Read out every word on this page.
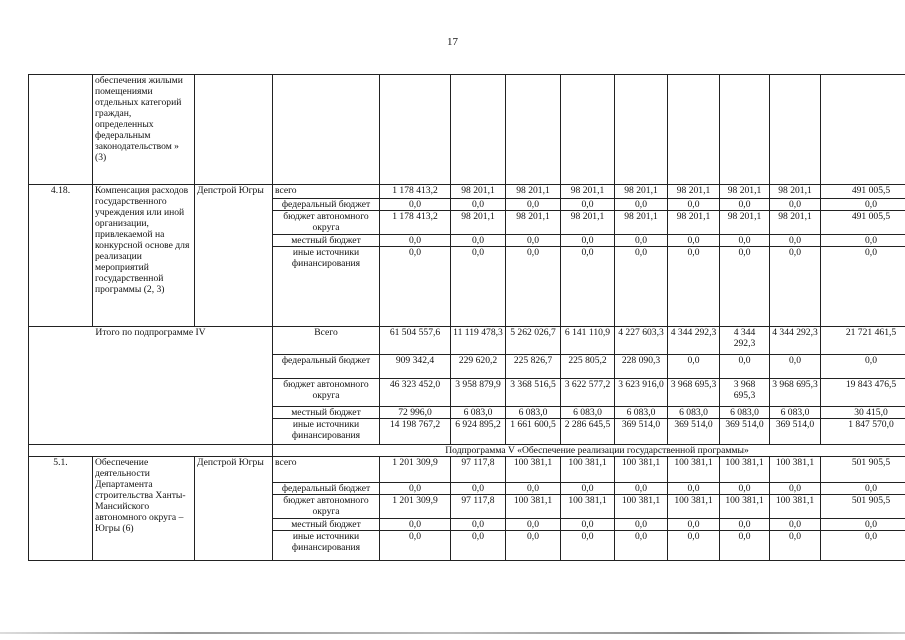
17
	обеспечения жилыми помещениями отдельных категорий граждан, определенных федеральным законодательством » (3)											
4.18.	Компенсация расходов государственного учреждения или иной организации, привлекаемой на конкурсной основе для реализации мероприятий государственной программы (2, 3)	Депстрой Югры	всего	1 178 413,2	98 201,1	98 201,1	98 201,1	98 201,1	98 201,1	98 201,1	98 201,1	491 005,5
			федеральный бюджет	0,0	0,0	0,0	0,0	0,0	0,0	0,0	0,0	0,0
			бюджет автономного округа	1 178 413,2	98 201,1	98 201,1	98 201,1	98 201,1	98 201,1	98 201,1	98 201,1	491 005,5
			местный бюджет	0,0	0,0	0,0	0,0	0,0	0,0	0,0	0,0	0,0
			иные источники финансирования	0,0	0,0	0,0	0,0	0,0	0,0	0,0	0,0	0,0
Итого по подпрограмме IV			Всего	61 504 557,6	11 119 478,3	5 262 026,7	6 141 110,9	4 227 603,3	4 344 292,3	4 344 292,3	4 344 292,3	21 721 461,5
			федеральный бюджет	909 342,4	229 620,2	225 826,7	225 805,2	228 090,3	0,0	0,0	0,0	0,0
			бюджет автономного округа	46 323 452,0	3 958 879,9	3 368 516,5	3 622 577,2	3 623 916,0	3 968 695,3	3 968 695,3	3 968 695,3	19 843 476,5
			местный бюджет	72 996,0	6 083,0	6 083,0	6 083,0	6 083,0	6 083,0	6 083,0	6 083,0	30 415,0
			иные источники финансирования	14 198 767,2	6 924 895,2	1 661 600,5	2 286 645,5	369 514,0	369 514,0	369 514,0	369 514,0	1 847 570,0
			Подпрограмма V «Обеспечение реализации государственной программы»									
5.1.	Обеспечение деятельности Департамента строительства Ханты-Мансийского автономного округа – Югры (6)	Депстрой Югры	всего	1 201 309,9	97 117,8	100 381,1	100 381,1	100 381,1	100 381,1	100 381,1	100 381,1	501 905,5
			федеральный бюджет	0,0	0,0	0,0	0,0	0,0	0,0	0,0	0,0	0,0
			бюджет автономного округа	1 201 309,9	97 117,8	100 381,1	100 381,1	100 381,1	100 381,1	100 381,1	100 381,1	501 905,5
			местный бюджет	0,0	0,0	0,0	0,0	0,0	0,0	0,0	0,0	0,0
			иные источники финансирования	0,0	0,0	0,0	0,0	0,0	0,0	0,0	0,0	0,0
